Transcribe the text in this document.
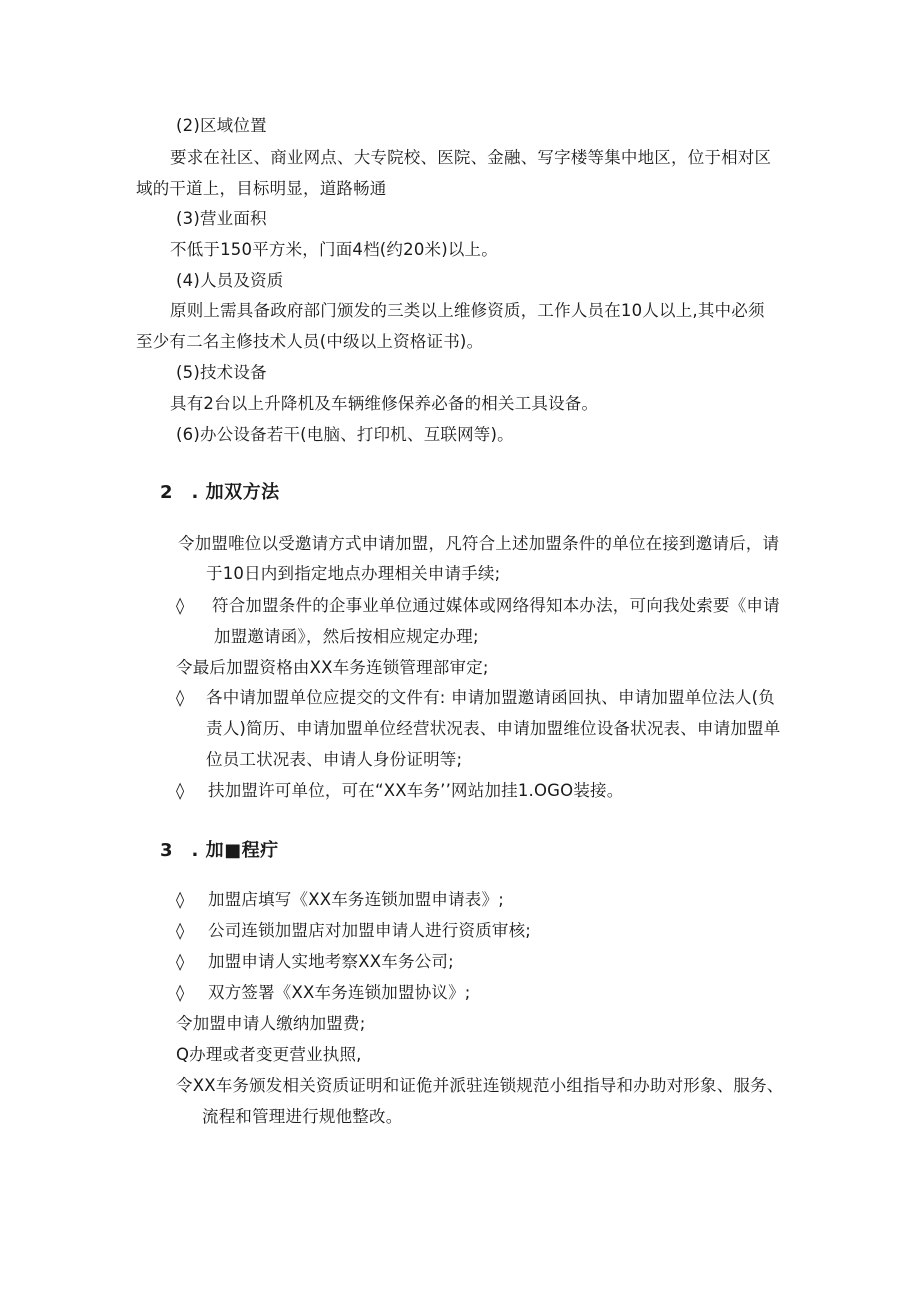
(2)区域位置
要求在社区、商业网点、大专院校、医院、金融、写字楼等集中地区，位于相对区
域的干道上，目标明显，道路畅通
(3)营业面积
不低于150平方米，门面4档(约20米)以上。
(4)人员及资质
原则上需具备政府部门颁发的三类以上维修资质，工作人员在10人以上,其中必须
至少有二名主修技术人员(中级以上资格证书)。
(5)技术设备
具有2台以上升降机及车辆维修保养必备的相关工具设备。
(6)办公设备若干(电脑、打印机、互联网等)。
2　. 加双方法
令加盟唯位以受邀请方式申请加盟，凡符合上述加盟条件的单位在接到邀请后，请
于10日内到指定地点办理相关申请手续;
◊ 符合加盟条件的企事业单位通过媒体或网络得知本办法，可向我处索要《申请
加盟邀请函》，然后按相应规定办理;
令最后加盟资格由XX车务连锁管理部审定;
◊ 各中请加盟单位应提交的文件有: 申请加盟邀请函回执、申请加盟单位法人(负
责人)简历、申请加盟单位经营状况表、申请加盟维位设备状况表、申请加盟单
位员工状况表、申请人身份证明等;
◊ 扶加盟许可单位，可在“XX车务’’网站加挂1.OGO装接。
3　. 加■程疔
◊ 加盟店填写《XX车务连锁加盟申请表》;
◊ 公司连锁加盟店对加盟申请人进行资质审核;
◊ 加盟申请人实地考察XX车务公司;
◊ 双方签署《XX车务连锁加盟协议》;
令加盟申请人缴纳加盟费;
Q办理或者变更营业执照,
令XX车务颁发相关资质证明和证佹并派驻连锁规范小组指导和办助对形象、服务、
流程和管理进行规他整改。
